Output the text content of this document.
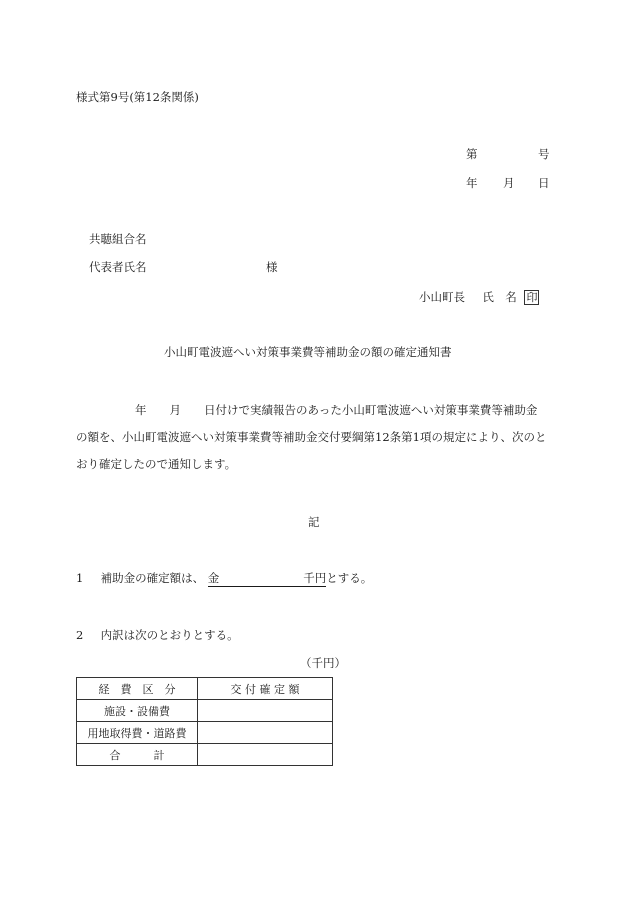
様式第9号(第12条関係)
第	号
年 月 日
共聴組合名
代表者氏名	様
小山町長 氏　名 印
小山町電波遮へい対策事業費等補助金の額の確定通知書
年　　月　　日付けで実績報告のあった小山町電波遮へい対策事業費等補助金
の額を、小山町電波遮へい対策事業費等補助金交付要綱第12条第1項の規定により、次のと
おり確定したので通知します。
記
1 補助金の確定額は、 金	千円とする。
2 内訳は次のとおりとする。
（千円）
経　費　区　分	交 付 確 定 額
施設・設備費	
用地取得費・道路費	
合　　　計	
